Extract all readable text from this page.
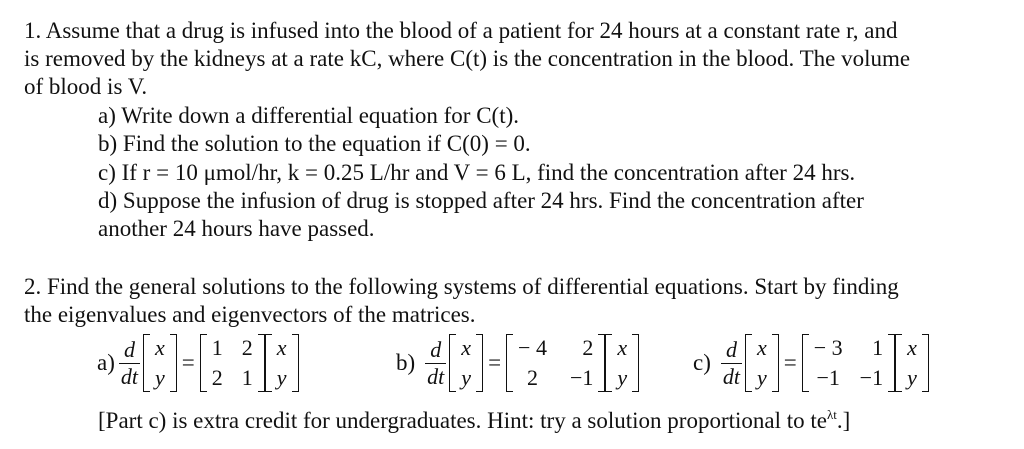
1. Assume that a drug is infused into the blood of a patient for 24 hours at a constant rate r, and
is removed by the kidneys at a rate kC, where C(t) is the concentration in the blood. The volume
of blood is V.
a) Write down a differential equation for C(t).
b) Find the solution to the equation if C(0) = 0.
c) If r = 10 μmol/hr, k = 0.25 L/hr and V = 6 L, find the concentration after 24 hrs.
d) Suppose the infusion of drug is stopped after 24 hrs. Find the concentration after
another 24 hours have passed.
2. Find the general solutions to the following systems of differential equations. Start by finding
the eigenvalues and eigenvectors of the matrices.
$a) \frac{d}{dt}$ x
y
=
1
2
2
1
x
y
$b) \frac{d}{dt}$ x
y
=
− 4
2
2
−1
x
y
$c) \frac{d}{dt}$ x
y
=
− 3
−1
1
−1
x
y
[Part c) is extra credit for undergraduates. Hint: try a solution proportional to $te^{\lambda t}$.]
